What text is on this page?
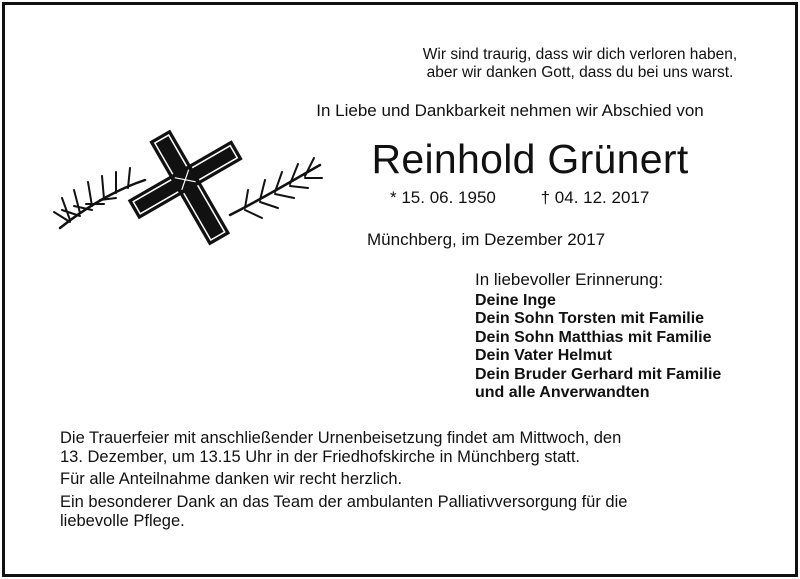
Wir sind traurig, dass wir dich verloren haben,
aber wir danken Gott, dass du bei uns warst.
In Liebe und Dankbarkeit nehmen wir Abschied von
Reinhold Grünert
* 15. 06. 1950	† 04. 12. 2017
Münchberg, im Dezember 2017
In liebevoller Erinnerung:
Deine Inge
Dein Sohn Torsten mit Familie
Dein Sohn Matthias mit Familie
Dein Vater Helmut
Dein Bruder Gerhard mit Familie
und alle Anverwandten
Die Trauerfeier mit anschließender Urnenbeisetzung findet am Mittwoch, den
13. Dezember, um 13.15 Uhr in der Friedhofskirche in Münchberg statt.
Für alle Anteilnahme danken wir recht herzlich.
Ein besonderer Dank an das Team der ambulanten Palliativversorgung für die
liebevolle Pflege.
